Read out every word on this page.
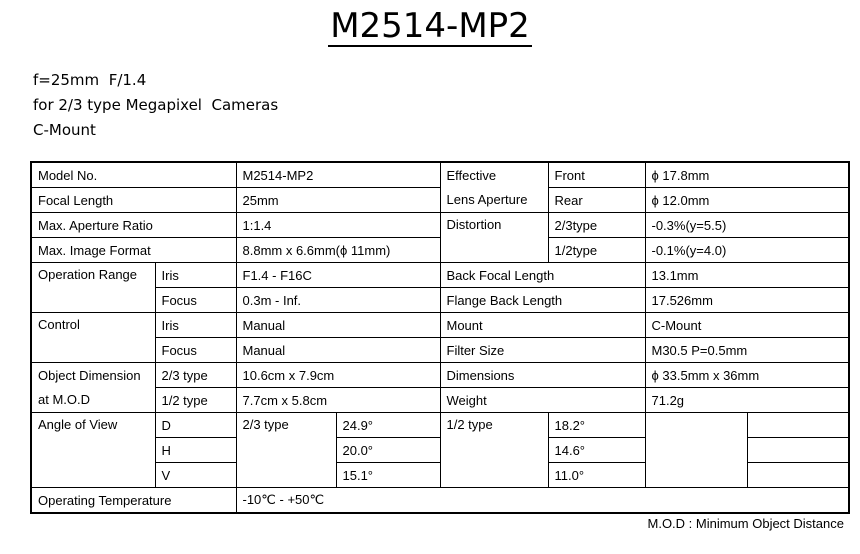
M2514-MP2
f=25mm  F/1.4
for 2/3 type Megapixel  Cameras
C-Mount
Model No.		M2514-MP2		Effective	Front	ϕ 17.8mm	
Focal Length		25mm		Lens Aperture	Rear	ϕ 12.0mm	
Max. Aperture Ratio		1:1.4		Distortion	2/3type	-0.3%(y=5.5)	
Max. Image Format		8.8mm x 6.6mm(ϕ 11mm)			1/2type	-0.1%(y=4.0)	
Operation Range	Iris	F1.4 - F16C		Back Focal Length		13.1mm	
	Focus	0.3m - Inf.		Flange Back Length		17.526mm	
Control	Iris	Manual		Mount		C-Mount	
	Focus	Manual		Filter Size		M30.5 P=0.5mm	
Object Dimension	2/3 type	10.6cm x 7.9cm		Dimensions		ϕ 33.5mm x 36mm	
at M.O.D	1/2 type	7.7cm x 5.8cm		Weight		71.2g	
Angle of View	D	2/3 type	24.9°	1/2 type	18.2°		
	H		20.0°		14.6°		
	V		15.1°		11.0°		
Operating Temperature		-10℃ - +50℃					
M.O.D : Minimum Object Distance
